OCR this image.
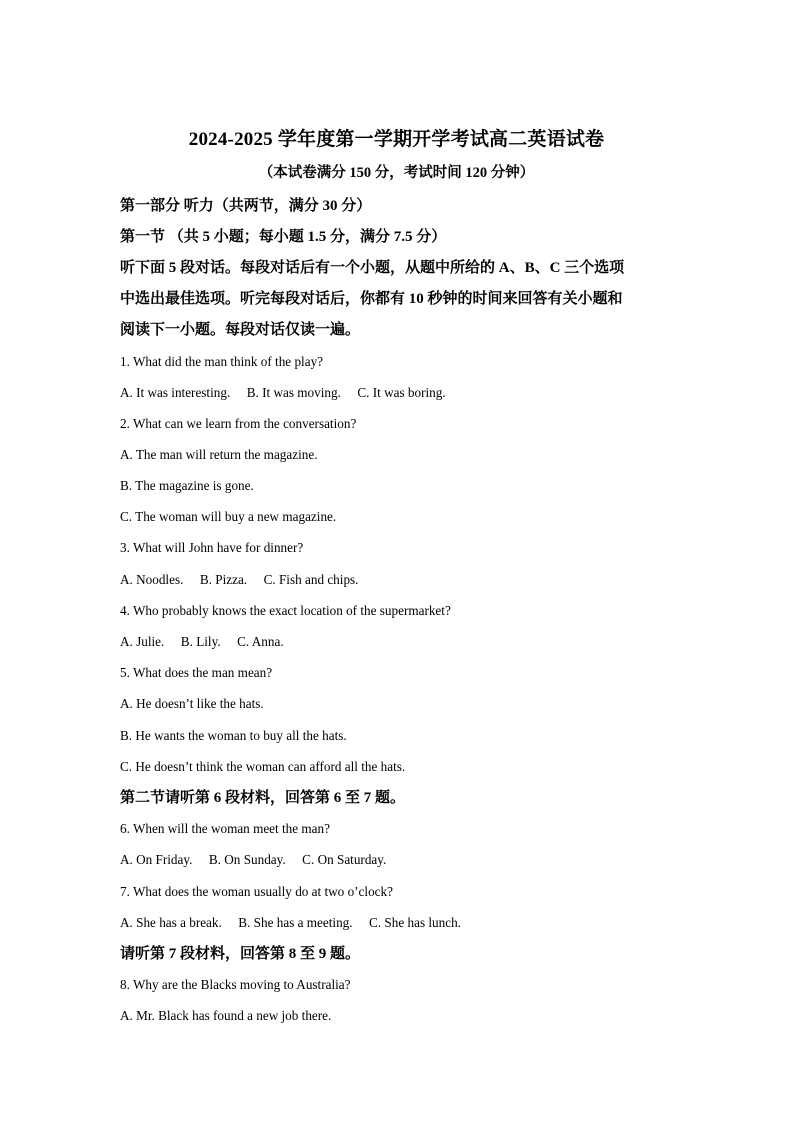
2024-2025 学年度第一学期开学考试高二英语试卷
（本试卷满分 150 分，考试时间 120 分钟）
第一部分 听力（共两节，满分 30 分）
第一节 （共 5 小题；每小题 1.5 分，满分 7.5 分）
听下面 5 段对话。每段对话后有一个小题，从题中所给的 A、B、C 三个选项
中选出最佳选项。听完每段对话后，你都有 10 秒钟的时间来回答有关小题和
阅读下一小题。每段对话仅读一遍。
1. What did the man think of the play?
A. It was interesting.     B. It was moving.     C. It was boring.
2. What can we learn from the conversation?
A. The man will return the magazine.
B. The magazine is gone.
C. The woman will buy a new magazine.
3. What will John have for dinner?
A. Noodles.     B. Pizza.     C. Fish and chips.
4. Who probably knows the exact location of the supermarket?
A. Julie.     B. Lily.     C. Anna.
5. What does the man mean?
A. He doesn’t like the hats.
B. He wants the woman to buy all the hats.
C. He doesn’t think the woman can afford all the hats.
第二节请听第 6 段材料，回答第 6 至 7 题。
6. When will the woman meet the man?
A. On Friday.     B. On Sunday.     C. On Saturday.
7. What does the woman usually do at two o’clock?
A. She has a break.     B. She has a meeting.     C. She has lunch.
请听第 7 段材料，回答第 8 至 9 题。
8. Why are the Blacks moving to Australia?
A. Mr. Black has found a new job there.
